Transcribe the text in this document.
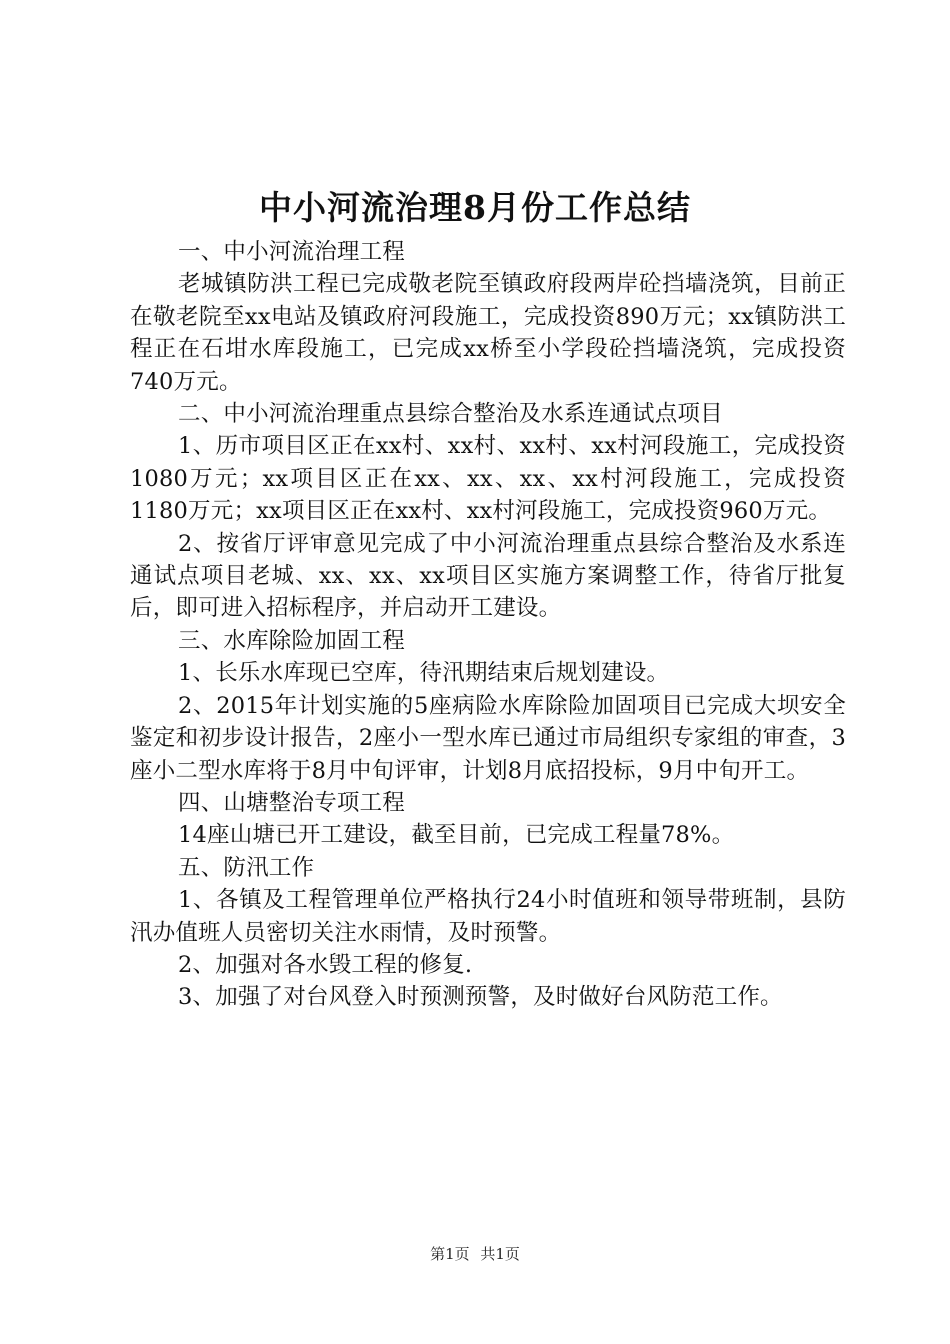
中小河流治理8月份工作总结

一、中小河流治理工程

老城镇防洪工程已完成敬老院至镇政府段两岸砼挡墙浇筑，目前正在敬老院至xx电站及镇政府河段施工，完成投资890万元；xx镇防洪工程正在石坩水库段施工，已完成xx桥至小学段砼挡墙浇筑，完成投资740万元。

二、中小河流治理重点县综合整治及水系连通试点项目

1、历市项目区正在xx村、xx村、xx村、xx村河段施工，完成投资1080万元；xx项目区正在xx、xx、xx、xx村河段施工，完成投资1180万元；xx项目区正在xx村、xx村河段施工，完成投资960万元。

2、按省厅评审意见完成了中小河流治理重点县综合整治及水系连通试点项目老城、xx、xx、xx项目区实施方案调整工作，待省厅批复后，即可进入招标程序，并启动开工建设。

三、水库除险加固工程

1、长乐水库现已空库，待汛期结束后规划建设。

2、2015年计划实施的5座病险水库除险加固项目已完成大坝安全鉴定和初步设计报告，2座小一型水库已通过市局组织专家组的审查，3座小二型水库将于8月中旬评审，计划8月底招投标，9月中旬开工。

四、山塘整治专项工程

14座山塘已开工建设，截至目前，已完成工程量78%。

五、防汛工作

1、各镇及工程管理单位严格执行24小时值班和领导带班制，县防汛办值班人员密切关注水雨情，及时预警。

2、加强对各水毁工程的修复.

3、加强了对台风登入时预测预警，及时做好台风防范工作。

第1页 共1页
